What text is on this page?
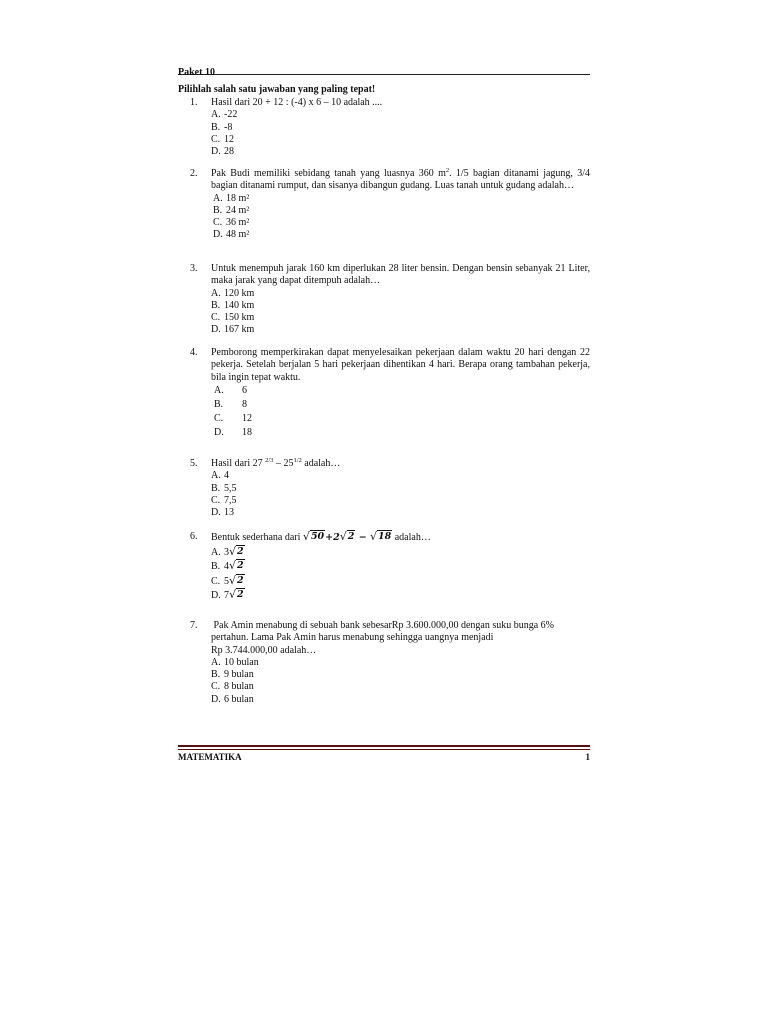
Paket 10
Pilihlah salah satu jawaban yang paling tepat!
1.	Hasil dari 20 + 12 : (-4) x 6 – 10 adalah ....
A. -22
B. -8
C. 12
D. 28
2.	Pak Budi memiliki sebidang tanah yang luasnya 360 $m^2$. 1/5 bagian ditanami jagung, 3/4 bagian ditanami rumput, dan sisanya dibangun gudang. Luas tanah untuk gudang adalah…
A. 18 m²
B. 24 m²
C. 36 m²
D. 48 m²
3.	Untuk menempuh jarak 160 km diperlukan 28 liter bensin. Dengan bensin sebanyak 21 Liter, maka jarak yang dapat ditempuh adalah…
A. 120 km
B. 140 km
C. 150 km
D. 167 km
4.	Pemborong memperkirakan dapat menyelesaikan pekerjaan dalam waktu 20 hari dengan 22 pekerja. Setelah berjalan 5 hari pekerjaan dihentikan 4 hari. Berapa orang tambahan pekerja, bila ingin tepat waktu.
A. 6
B. 8
C. 12
D. 18
5.	Hasil dari 27 $^{2/3} - 25^{1/2}$ adalah…
A. 4
B. 5,5
C. 7,5
D. 13
6.	Bentuk sederhana dari √ 50 +2 √ 2 − √ 18 adalah…
A. 3 √ 2
B. 4 √ 2
C. 5 √ 2
D. 7 √ 2
7.	Pak Amin menabung di sebuah bank sebesarRp 3.600.000,00 dengan suku bunga 6%
pertahun. Lama Pak Amin harus menabung sehingga uangnya menjadi
Rp 3.744.000,00 adalah…
A. 10 bulan
B. 9 bulan
C. 8 bulan
D. 6 bulan
MATEMATIKA	1
